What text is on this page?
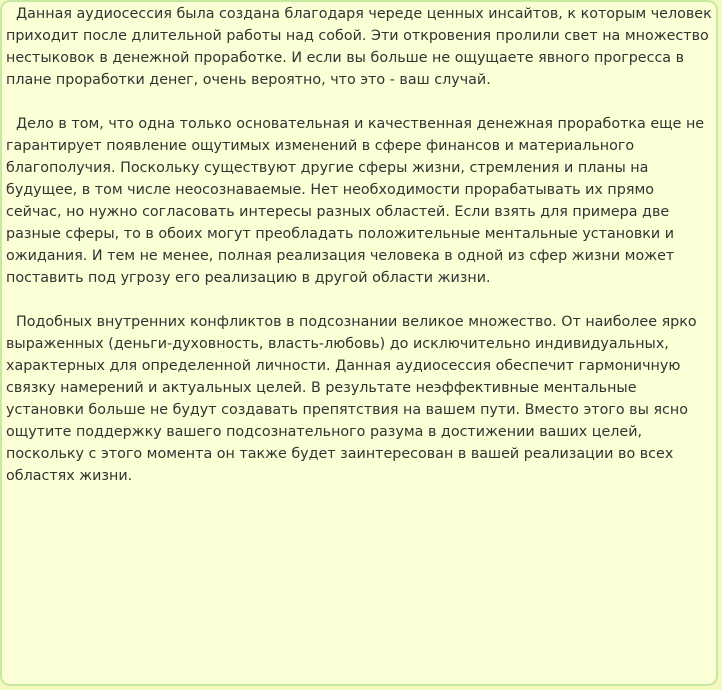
Данная аудиосессия была создана благодаря череде ценных инсайтов, к которым человек приходит после длительной работы над собой. Эти откровения пролили свет на множество нестыковок в денежной проработке. И если вы больше не ощущаете явного прогресса в плане проработки денег, очень вероятно, что это - ваш случай.

Дело в том, что одна только основательная и качественная денежная проработка еще не гарантирует появление ощутимых изменений в сфере финансов и материального благополучия. Поскольку существуют другие сферы жизни, стремления и планы на будущее, в том числе неосознаваемые. Нет необходимости прорабатывать их прямо сейчас, но нужно согласовать интересы разных областей. Если взять для примера две разные сферы, то в обоих могут преобладать положительные ментальные установки и ожидания. И тем не менее, полная реализация человека в одной из сфер жизни может поставить под угрозу его реализацию в другой области жизни.

Подобных внутренних конфликтов в подсознании великое множество. От наиболее ярко выраженных (деньги-духовность, власть-любовь) до исключительно индивидуальных, характерных для определенной личности. Данная аудиосессия обеспечит гармоничную связку намерений и актуальных целей. В результате неэффективные ментальные установки больше не будут создавать препятствия на вашем пути. Вместо этого вы ясно ощутите поддержку вашего подсознательного разума в достижении ваших целей, поскольку с этого момента он также будет заинтересован в вашей реализации во всех областях жизни.
